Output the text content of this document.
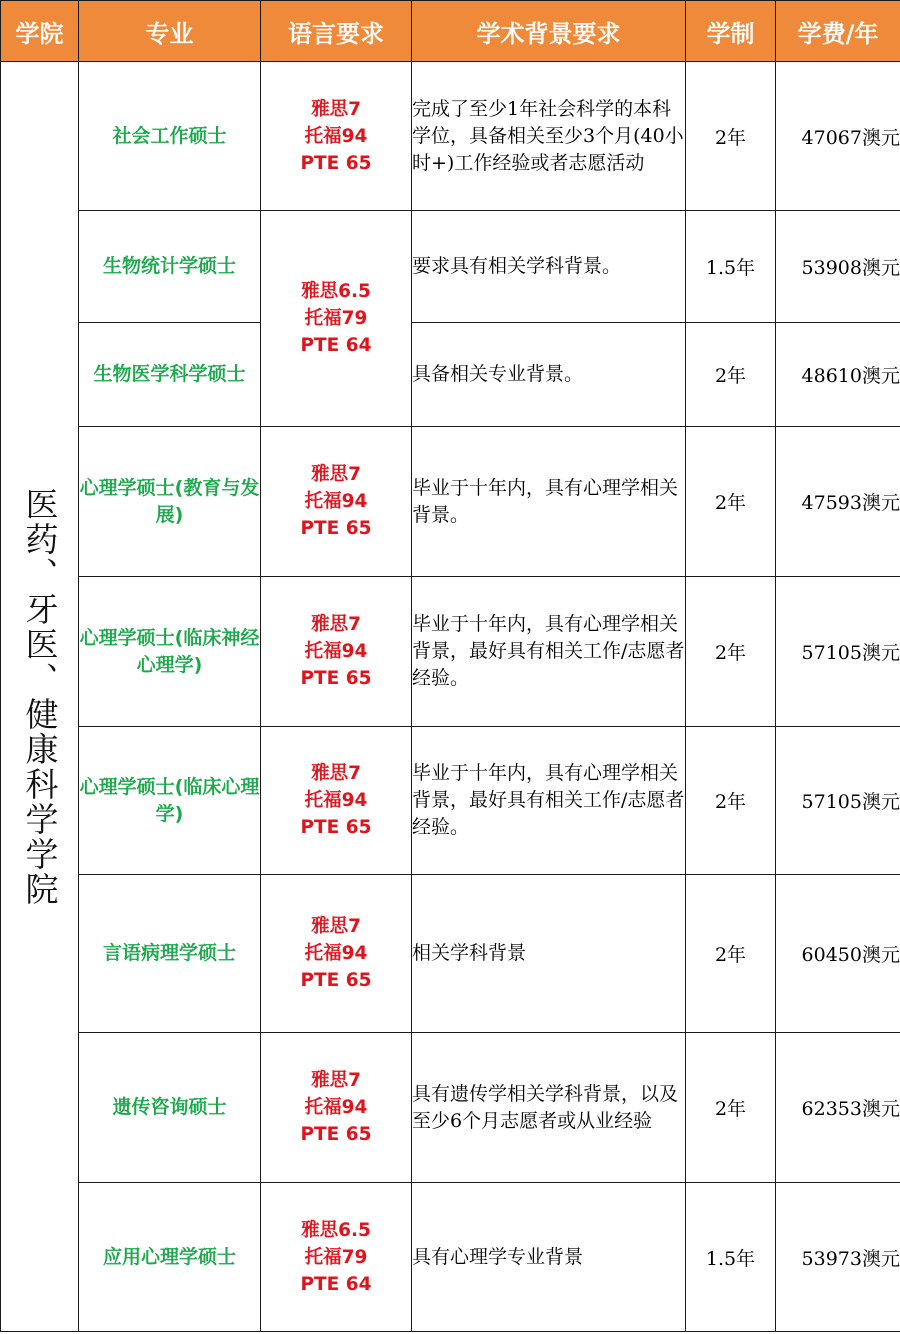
学院	专业	语言要求	学术背景要求	学制	学费/年
医药、牙医、健康科学学院	社会工作硕士	雅思7
托福94
PTE 65	完成了至少1年社会科学的本科学位，具备相关至少3个月(40小时+)工作经验或者志愿活动	2年	47067澳元
	生物统计学硕士	雅思6.5
托福79
PTE 64	要求具有相关学科背景。	1.5年	53908澳元
	生物医学科学硕士		具备相关专业背景。	2年	48610澳元
	心理学硕士(教育与发展)	雅思7
托福94
PTE 65	毕业于十年内，具有心理学相关背景。	2年	47593澳元
	心理学硕士(临床神经心理学)	雅思7
托福94
PTE 65	毕业于十年内，具有心理学相关背景，最好具有相关工作/志愿者经验。	2年	57105澳元
	心理学硕士(临床心理学)	雅思7
托福94
PTE 65	毕业于十年内，具有心理学相关背景，最好具有相关工作/志愿者经验。	2年	57105澳元
	言语病理学硕士	雅思7
托福94
PTE 65	相关学科背景	2年	60450澳元
	遗传咨询硕士	雅思7
托福94
PTE 65	具有遗传学相关学科背景，以及至少6个月志愿者或从业经验	2年	62353澳元
	应用心理学硕士	雅思6.5
托福79
PTE 64	具有心理学专业背景	1.5年	53973澳元
